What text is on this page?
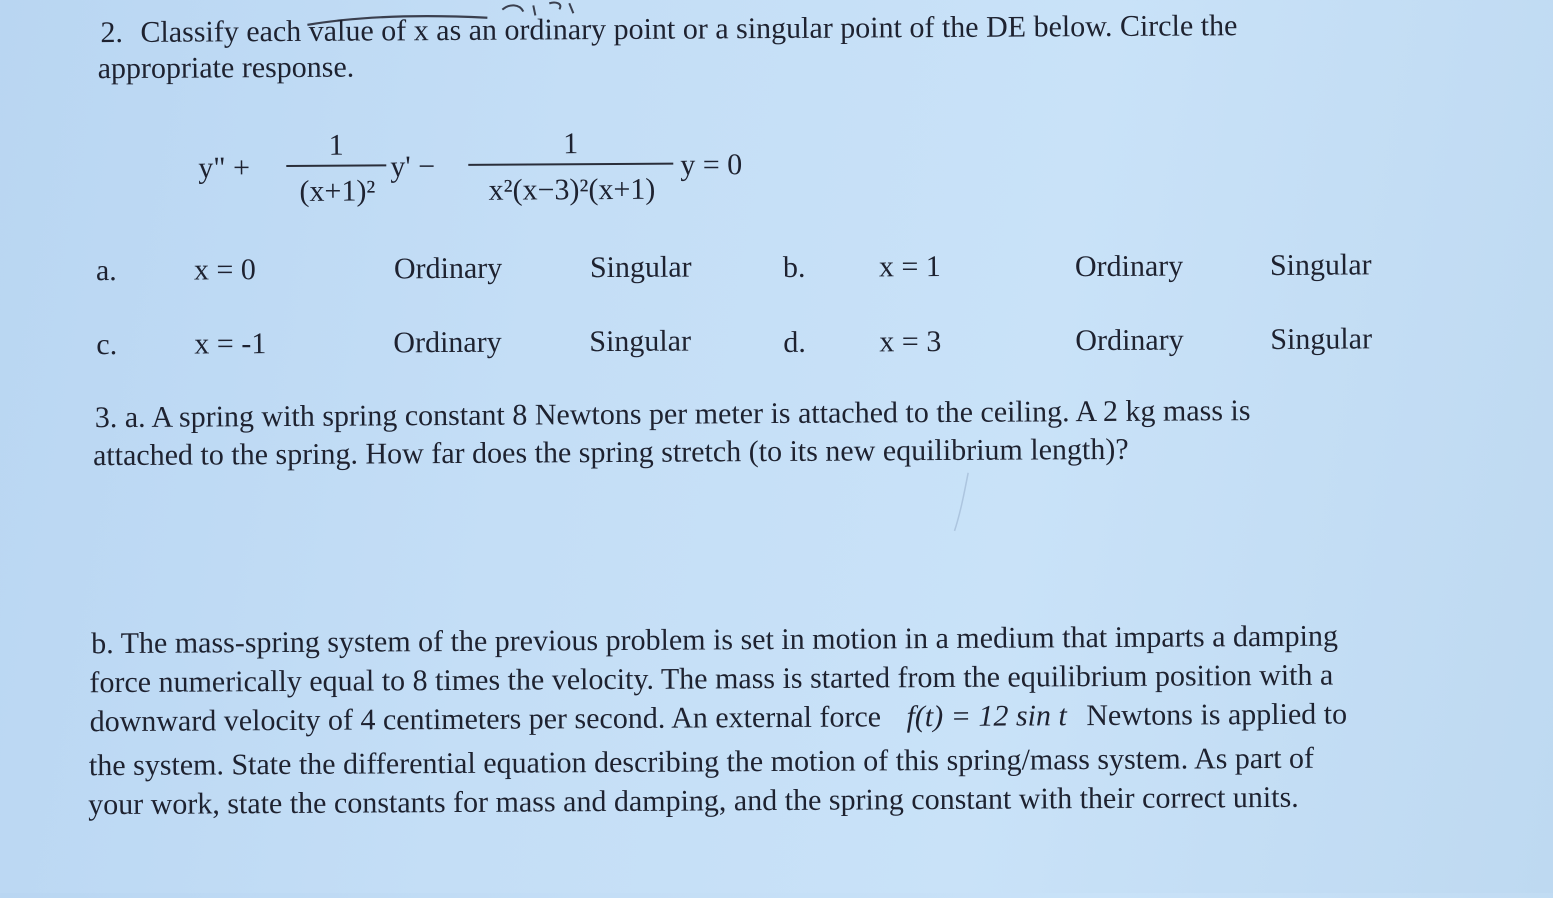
2. Classify each value of x as an ordinary point or a singular point of the DE below. Circle the
appropriate response.
y" +
1
(x+1)²
y' −
1
x²(x−3)²(x+1)
y = 0
a.	x = 0	Ordinary	Singular	b. x = 1	Ordinary	Singular
c.	x = -1	Ordinary	Singular	d. x = 3	Ordinary	Singular
3. a. A spring with spring constant 8 Newtons per meter is attached to the ceiling. A 2 kg mass is
attached to the spring. How far does the spring stretch (to its new equilibrium length)?
b. The mass-spring system of the previous problem is set in motion in a medium that imparts a damping
force numerically equal to 8 times the velocity. The mass is started from the equilibrium position with a
downward velocity of 4 centimeters per second. An external force f(t) = 12 sin t Newtons is applied to
the system. State the differential equation describing the motion of this spring/mass system. As part of
your work, state the constants for mass and damping, and the spring constant with their correct units.
